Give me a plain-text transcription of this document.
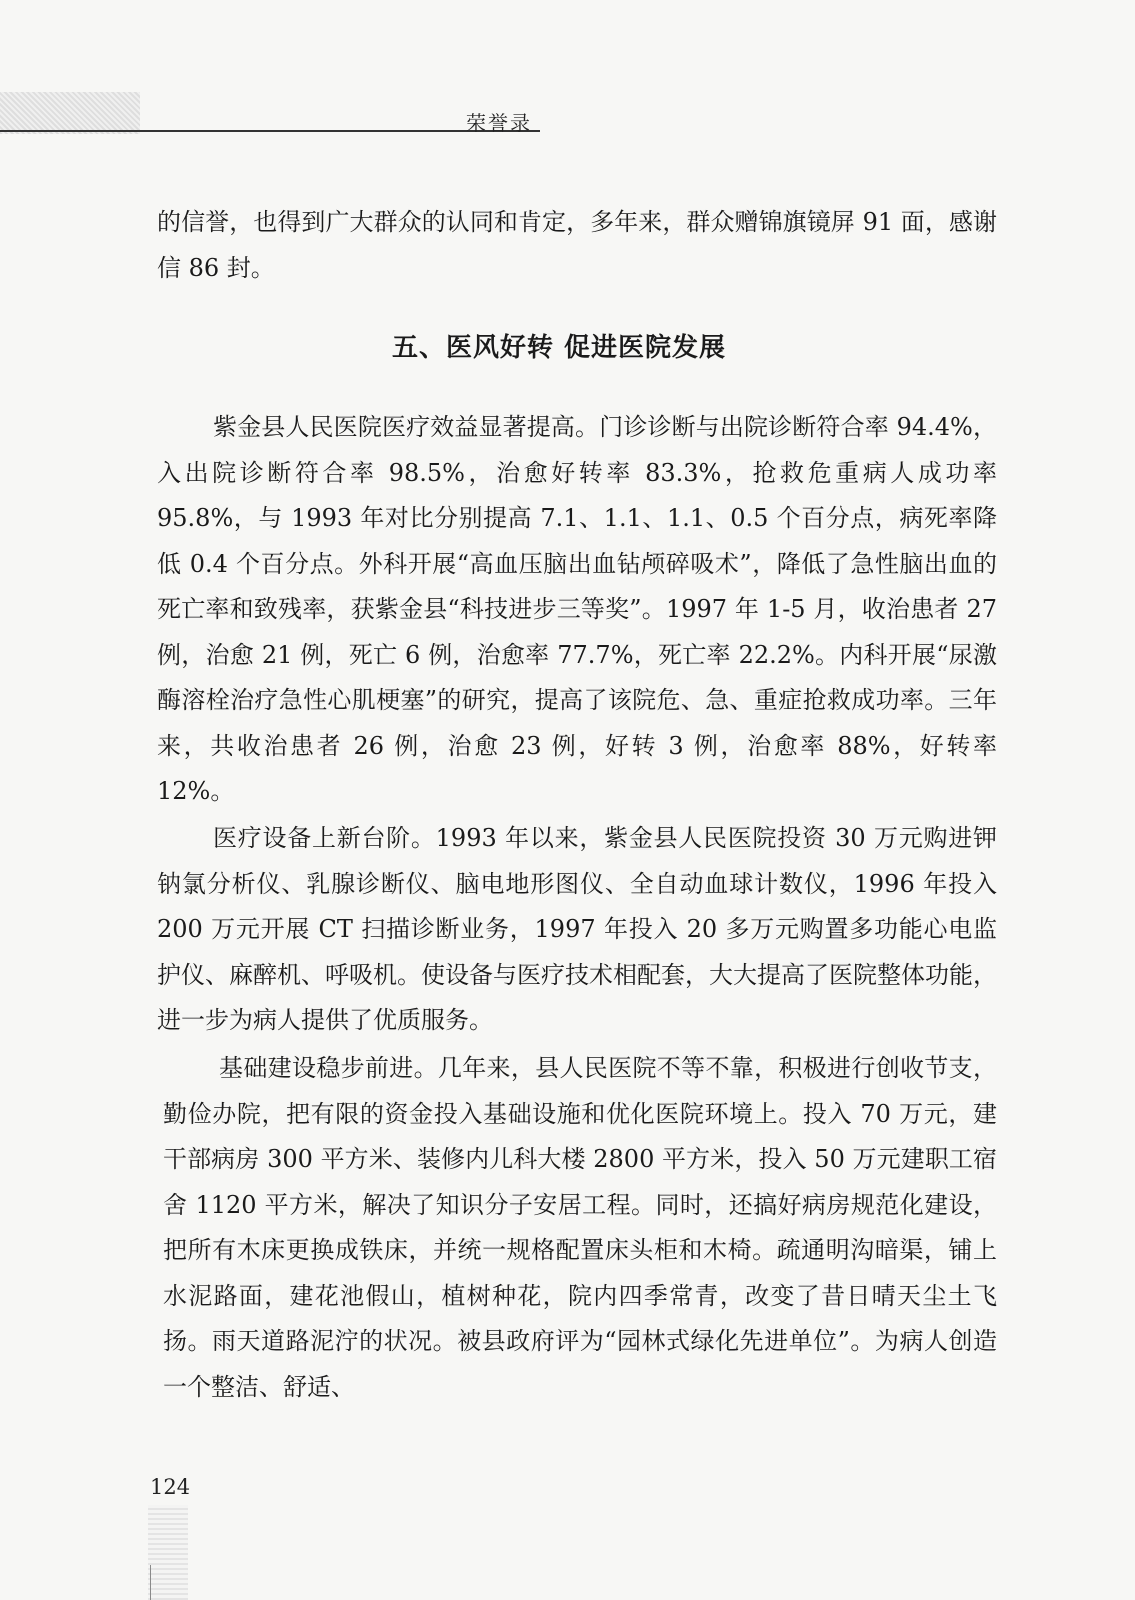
荣誉录

的信誉，也得到广大群众的认同和肯定，多年来，群众赠锦旗镜屏 91 面，感谢信 86 封。

五、医风好转 促进医院发展

紫金县人民医院医疗效益显著提高。门诊诊断与出院诊断符合率 94.4%，入出院诊断符合率 98.5%，治愈好转率 83.3%，抢救危重病人成功率 95.8%，与 1993 年对比分别提高 7.1、1.1、1.1、0.5 个百分点，病死率降低 0.4 个百分点。外科开展“高血压脑出血钻颅碎吸术”，降低了急性脑出血的死亡率和致残率，获紫金县“科技进步三等奖”。1997 年 1-5 月，收治患者 27 例，治愈 21 例，死亡 6 例，治愈率 77.7%，死亡率 22.2%。内科开展“尿激酶溶栓治疗急性心肌梗塞”的研究，提高了该院危、急、重症抢救成功率。三年来，共收治患者 26 例，治愈 23 例，好转 3 例，治愈率 88%，好转率 12%。

医疗设备上新台阶。1993 年以来，紫金县人民医院投资 30 万元购进钾钠氯分析仪、乳腺诊断仪、脑电地形图仪、全自动血球计数仪，1996 年投入 200 万元开展 CT 扫描诊断业务，1997 年投入 20 多万元购置多功能心电监护仪、麻醉机、呼吸机。使设备与医疗技术相配套，大大提高了医院整体功能，进一步为病人提供了优质服务。

基础建设稳步前进。几年来，县人民医院不等不靠，积极进行创收节支，勤俭办院，把有限的资金投入基础设施和优化医院环境上。投入 70 万元，建干部病房 300 平方米、装修内儿科大楼 2800 平方米，投入 50 万元建职工宿舍 1120 平方米，解决了知识分子安居工程。同时，还搞好病房规范化建设，把所有木床更换成铁床，并统一规格配置床头柜和木椅。疏通明沟暗渠，铺上水泥路面，建花池假山，植树种花，院内四季常青，改变了昔日晴天尘土飞扬。雨天道路泥泞的状况。被县政府评为“园林式绿化先进单位”。为病人创造一个整洁、舒适、

124
